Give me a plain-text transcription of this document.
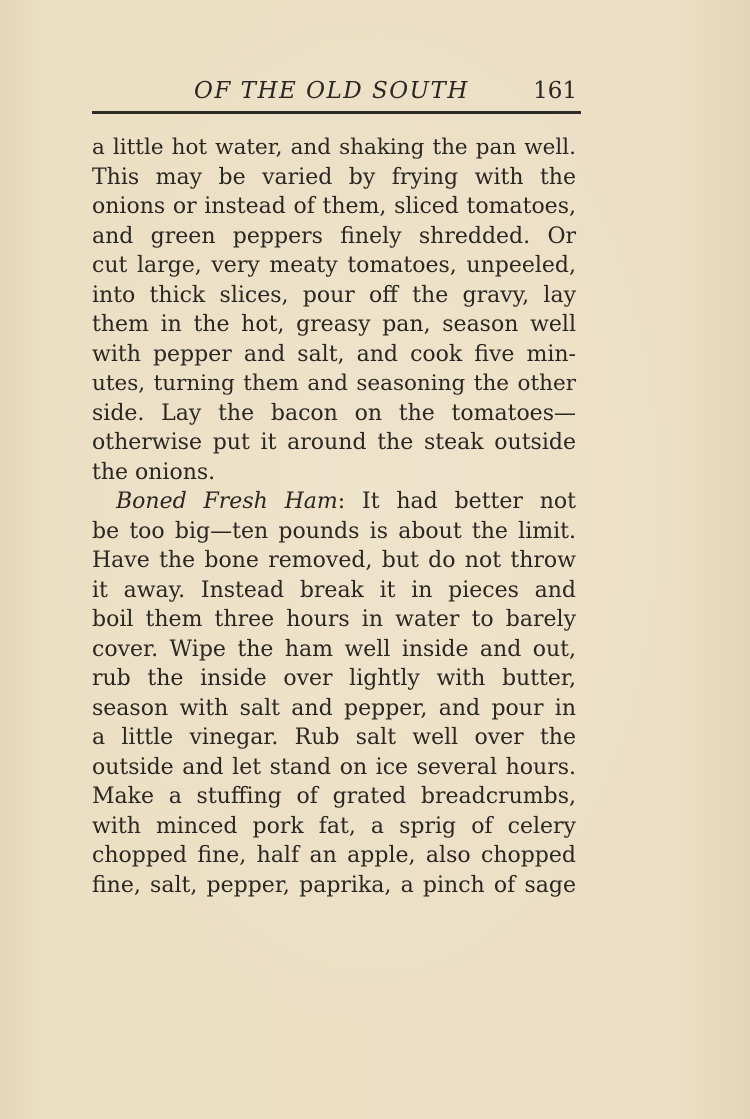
OF THE OLD SOUTH	161
a little hot water, and shaking the pan well.
This may be varied by frying with the
onions or instead of them, sliced tomatoes,
and green peppers finely shredded. Or
cut large, very meaty tomatoes, unpeeled,
into thick slices, pour off the gravy, lay
them in the hot, greasy pan, season well
with pepper and salt, and cook five min-
utes, turning them and seasoning the other
side. Lay the bacon on the tomatoes—
otherwise put it around the steak outside
the onions.
Boned Fresh Ham: It had better not
be too big—ten pounds is about the limit.
Have the bone removed, but do not throw
it away. Instead break it in pieces and
boil them three hours in water to barely
cover. Wipe the ham well inside and out,
rub the inside over lightly with butter,
season with salt and pepper, and pour in
a little vinegar. Rub salt well over the
outside and let stand on ice several hours.
Make a stuffing of grated breadcrumbs,
with minced pork fat, a sprig of celery
chopped fine, half an apple, also chopped
fine, salt, pepper, paprika, a pinch of sage
